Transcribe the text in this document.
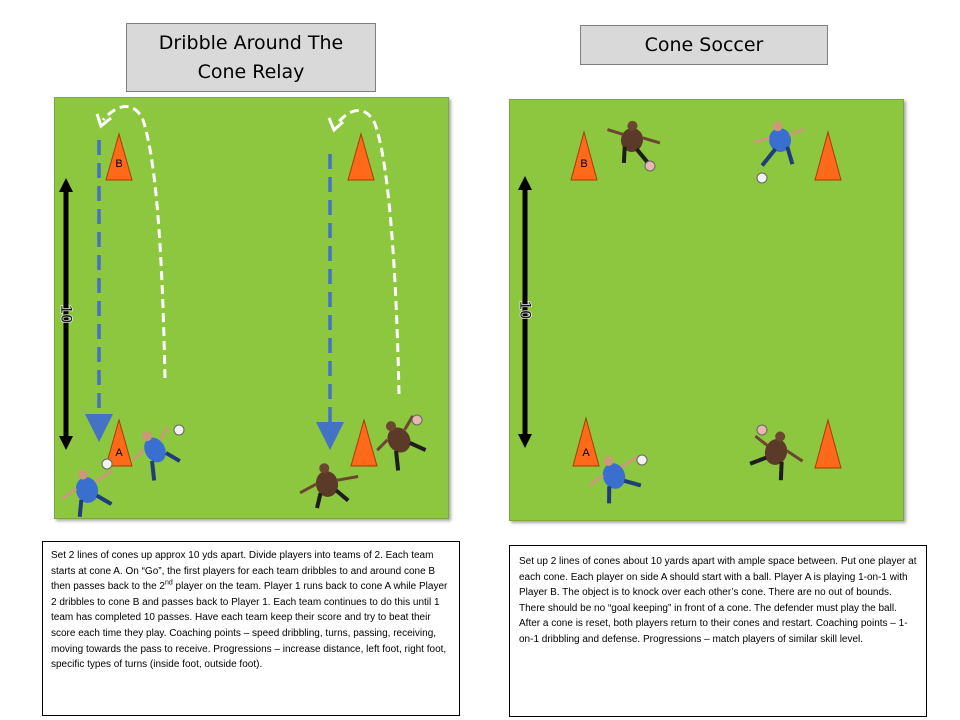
Dribble Around The Cone Relay
Cone Soccer
10
B
A
10
B
A
Set 2 lines of cones up approx 10 yds apart. Divide players into teams of 2. Each team starts at cone A. On “Go”, the first players for each team dribbles to and around cone B then passes back to the 2nd player on the team. Player 1 runs back to cone A while Player 2 dribbles to cone B and passes back to Player 1. Each team continues to do this until 1 team has completed 10 passes. Have each team keep their score and try to beat their score each time they play. Coaching points – speed dribbling, turns, passing, receiving, moving towards the pass to receive. Progressions – increase distance, left foot, right foot, specific types of turns (inside foot, outside foot).
Set up 2 lines of cones about 10 yards apart with ample space between. Put one player at each cone. Each player on side A should start with a ball. Player A is playing 1-on-1 with Player B. The object is to knock over each other’s cone. There are no out of bounds. There should be no “goal keeping” in front of a cone. The defender must play the ball. After a cone is reset, both players return to their cones and restart. Coaching points – 1-on-1 dribbling and defense. Progressions – match players of similar skill level.
